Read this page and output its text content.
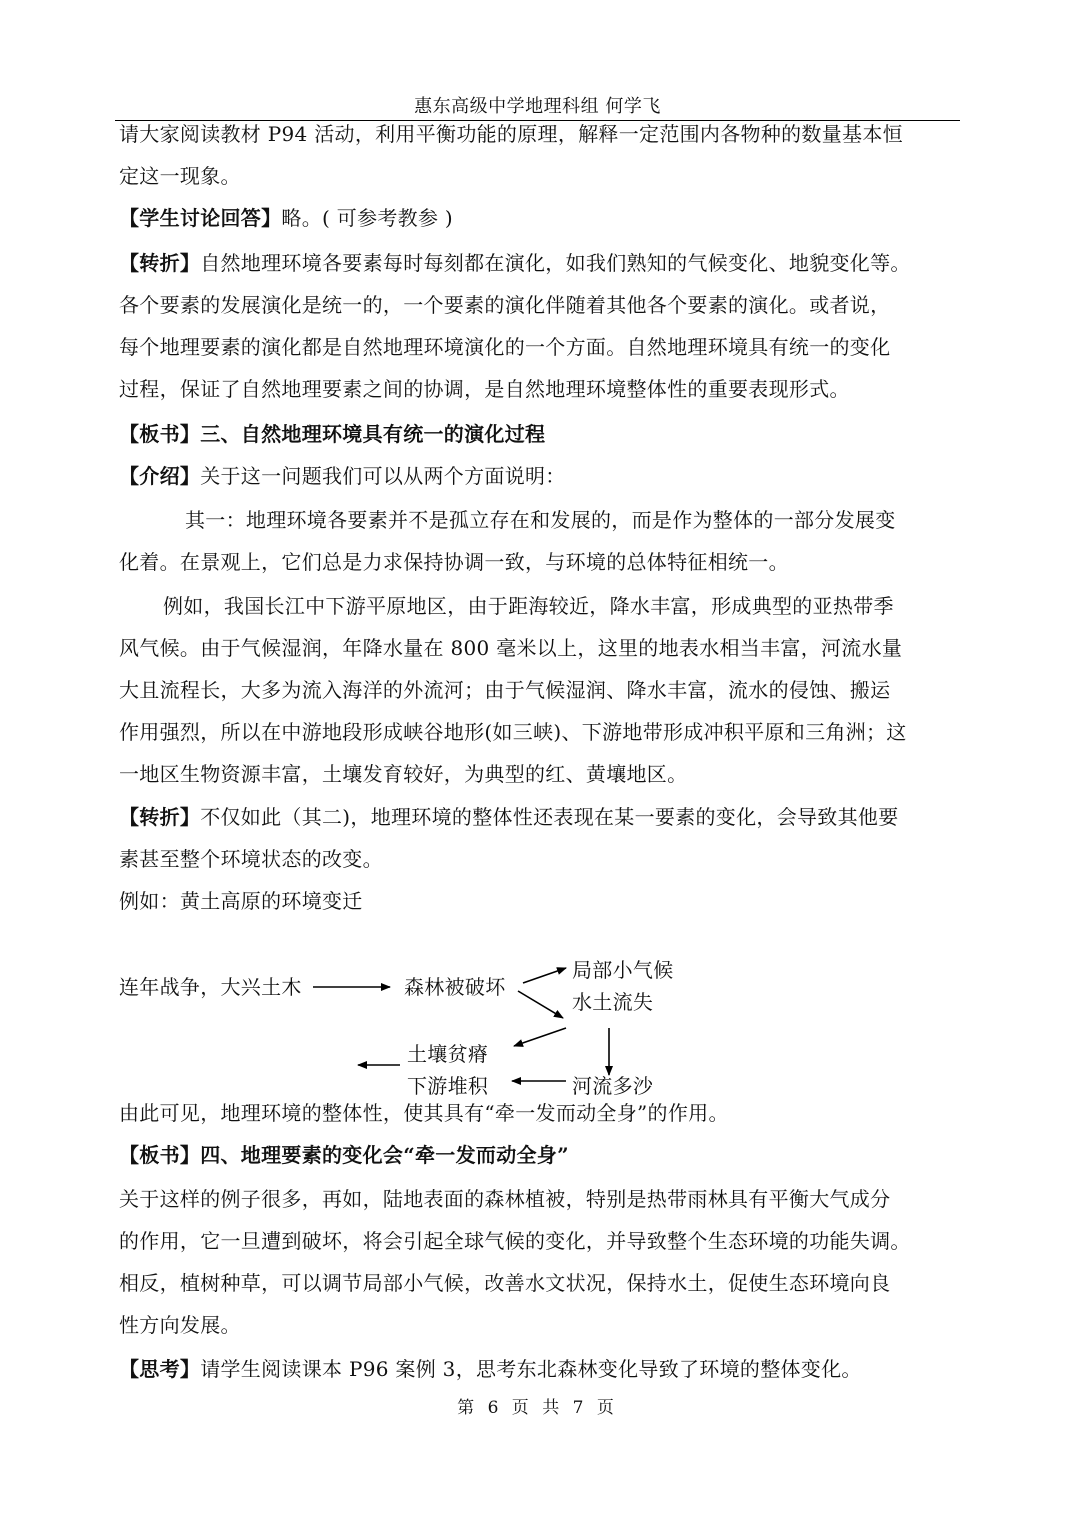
惠东高级中学地理科组 何学飞
请大家阅读教材 P94 活动，利用平衡功能的原理，解释一定范围内各物种的数量基本恒
定这一现象。
【学生讨论回答】略。( 可参考教参 )
【转折】自然地理环境各要素每时每刻都在演化，如我们熟知的气候变化、地貌变化等。
各个要素的发展演化是统一的，一个要素的演化伴随着其他各个要素的演化。或者说，
每个地理要素的演化都是自然地理环境演化的一个方面。自然地理环境具有统一的变化
过程，保证了自然地理要素之间的协调，是自然地理环境整体性的重要表现形式。
【板书】三、自然地理环境具有统一的演化过程
【介绍】关于这一问题我们可以从两个方面说明：
其一：地理环境各要素并不是孤立存在和发展的，而是作为整体的一部分发展变
化着。在景观上，它们总是力求保持协调一致，与环境的总体特征相统一。
例如，我国长江中下游平原地区，由于距海较近，降水丰富，形成典型的亚热带季
风气候。由于气候湿润，年降水量在 800 毫米以上，这里的地表水相当丰富，河流水量
大且流程长，大多为流入海洋的外流河；由于气候湿润、降水丰富，流水的侵蚀、搬运
作用强烈，所以在中游地段形成峡谷地形(如三峡)、下游地带形成冲积平原和三角洲；这
一地区生物资源丰富，土壤发育较好，为典型的红、黄壤地区。
【转折】不仅如此（其二)，地理环境的整体性还表现在某一要素的变化，会导致其他要
素甚至整个环境状态的改变。
例如：黄土高原的环境变迁
连年战争，大兴土木	森林被破坏
局部小气候
水土流失
土壤贫瘠
下游堆积	河流多沙
由此可见，地理环境的整体性，使其具有“牵一发而动全身”的作用。
【板书】四、地理要素的变化会“牵一发而动全身”
关于这样的例子很多，再如，陆地表面的森林植被，特别是热带雨林具有平衡大气成分
的作用，它一旦遭到破坏，将会引起全球气候的变化，并导致整个生态环境的功能失调。
相反，植树种草，可以调节局部小气候，改善水文状况，保持水土，促使生态环境向良
性方向发展。
【思考】请学生阅读课本 P96 案例 3，思考东北森林变化导致了环境的整体变化。
第 6 页 共 7 页
